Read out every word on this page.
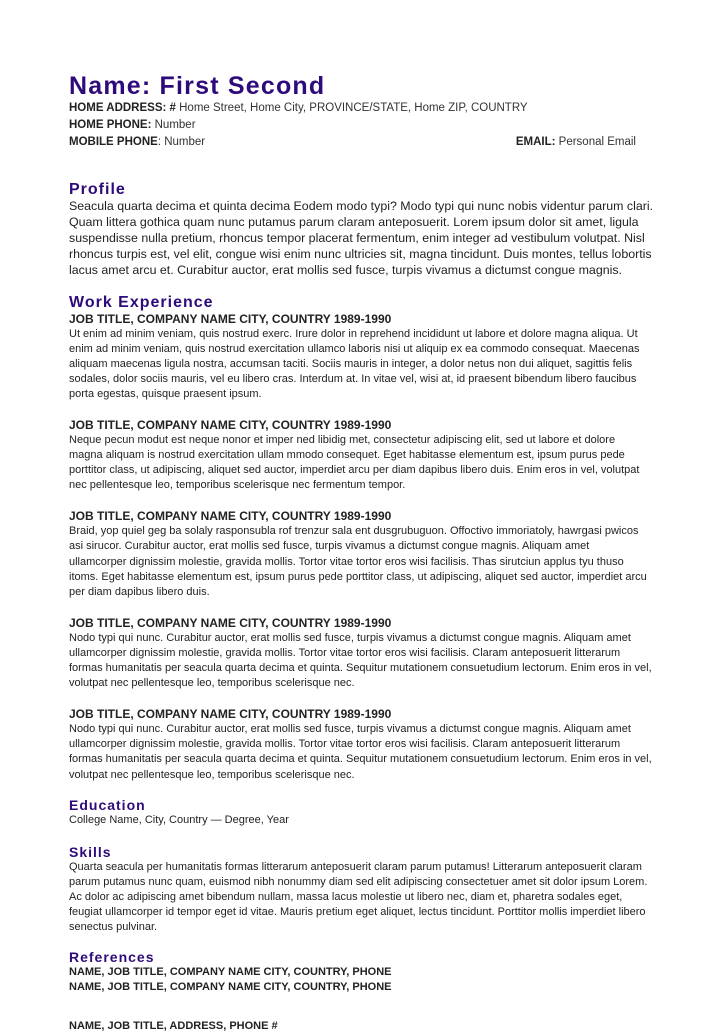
Name: First Second
HOME ADDRESS: # Home Street, Home City, PROVINCE/STATE, Home ZIP, COUNTRY
HOME PHONE: Number
MOBILE PHONE: Number	EMAIL: Personal Email
Profile
Seacula quarta decima et quinta decima Eodem modo typi? Modo typi qui nunc nobis videntur parum clari.
Quam littera gothica quam nunc putamus parum claram anteposuerit. Lorem ipsum dolor sit amet, ligula
suspendisse nulla pretium, rhoncus tempor placerat fermentum, enim integer ad vestibulum volutpat. Nisl
rhoncus turpis est, vel elit, congue wisi enim nunc ultricies sit, magna tincidunt. Duis montes, tellus lobortis
lacus amet arcu et. Curabitur auctor, erat mollis sed fusce, turpis vivamus a dictumst congue magnis.
Work Experience
JOB TITLE, COMPANY NAME CITY, COUNTRY 1989-1990
Ut enim ad minim veniam, quis nostrud exerc. Irure dolor in reprehend incididunt ut labore et dolore magna aliqua. Ut
enim ad minim veniam, quis nostrud exercitation ullamco laboris nisi ut aliquip ex ea commodo consequat. Maecenas
aliquam maecenas ligula nostra, accumsan taciti. Sociis mauris in integer, a dolor netus non dui aliquet, sagittis felis
sodales, dolor sociis mauris, vel eu libero cras. Interdum at. In vitae vel, wisi at, id praesent bibendum libero faucibus
porta egestas, quisque praesent ipsum.
JOB TITLE, COMPANY NAME CITY, COUNTRY 1989-1990
Neque pecun modut est neque nonor et imper ned libidig met, consectetur adipiscing elit, sed ut labore et dolore
magna aliquam is nostrud exercitation ullam mmodo consequet. Eget habitasse elementum est, ipsum purus pede
porttitor class, ut adipiscing, aliquet sed auctor, imperdiet arcu per diam dapibus libero duis. Enim eros in vel, volutpat
nec pellentesque leo, temporibus scelerisque nec fermentum tempor.
JOB TITLE, COMPANY NAME CITY, COUNTRY 1989-1990
Braid, yop quiel geg ba solaly rasponsubla rof trenzur sala ent dusgrubuguon. Offoctivo immoriatoly, hawrgasi pwicos
asi sirucor. Curabitur auctor, erat mollis sed fusce, turpis vivamus a dictumst congue magnis. Aliquam amet
ullamcorper dignissim molestie, gravida mollis. Tortor vitae tortor eros wisi facilisis. Thas sirutciun applus tyu thuso
itoms. Eget habitasse elementum est, ipsum purus pede porttitor class, ut adipiscing, aliquet sed auctor, imperdiet arcu
per diam dapibus libero duis.
JOB TITLE, COMPANY NAME CITY, COUNTRY 1989-1990
Nodo typi qui nunc. Curabitur auctor, erat mollis sed fusce, turpis vivamus a dictumst congue magnis. Aliquam amet
ullamcorper dignissim molestie, gravida mollis. Tortor vitae tortor eros wisi facilisis. Claram anteposuerit litterarum
formas humanitatis per seacula quarta decima et quinta. Sequitur mutationem consuetudium lectorum. Enim eros in vel,
volutpat nec pellentesque leo, temporibus scelerisque nec.
JOB TITLE, COMPANY NAME CITY, COUNTRY 1989-1990
Nodo typi qui nunc. Curabitur auctor, erat mollis sed fusce, turpis vivamus a dictumst congue magnis. Aliquam amet
ullamcorper dignissim molestie, gravida mollis. Tortor vitae tortor eros wisi facilisis. Claram anteposuerit litterarum
formas humanitatis per seacula quarta decima et quinta. Sequitur mutationem consuetudium lectorum. Enim eros in vel,
volutpat nec pellentesque leo, temporibus scelerisque nec.
Education
College Name, City, Country — Degree, Year
Skills
Quarta seacula per humanitatis formas litterarum anteposuerit claram parum putamus! Litterarum anteposuerit claram
parum putamus nunc quam, euismod nibh nonummy diam sed elit adipiscing consectetuer amet sit dolor ipsum Lorem.
Ac dolor ac adipiscing amet bibendum nullam, massa lacus molestie ut libero nec, diam et, pharetra sodales eget,
feugiat ullamcorper id tempor eget id vitae. Mauris pretium eget aliquet, lectus tincidunt. Porttitor mollis imperdiet libero
senectus pulvinar.
References
NAME, JOB TITLE, COMPANY NAME CITY, COUNTRY, PHONE
NAME, JOB TITLE, COMPANY NAME CITY, COUNTRY, PHONE
NAME, JOB TITLE, ADDRESS, PHONE #
